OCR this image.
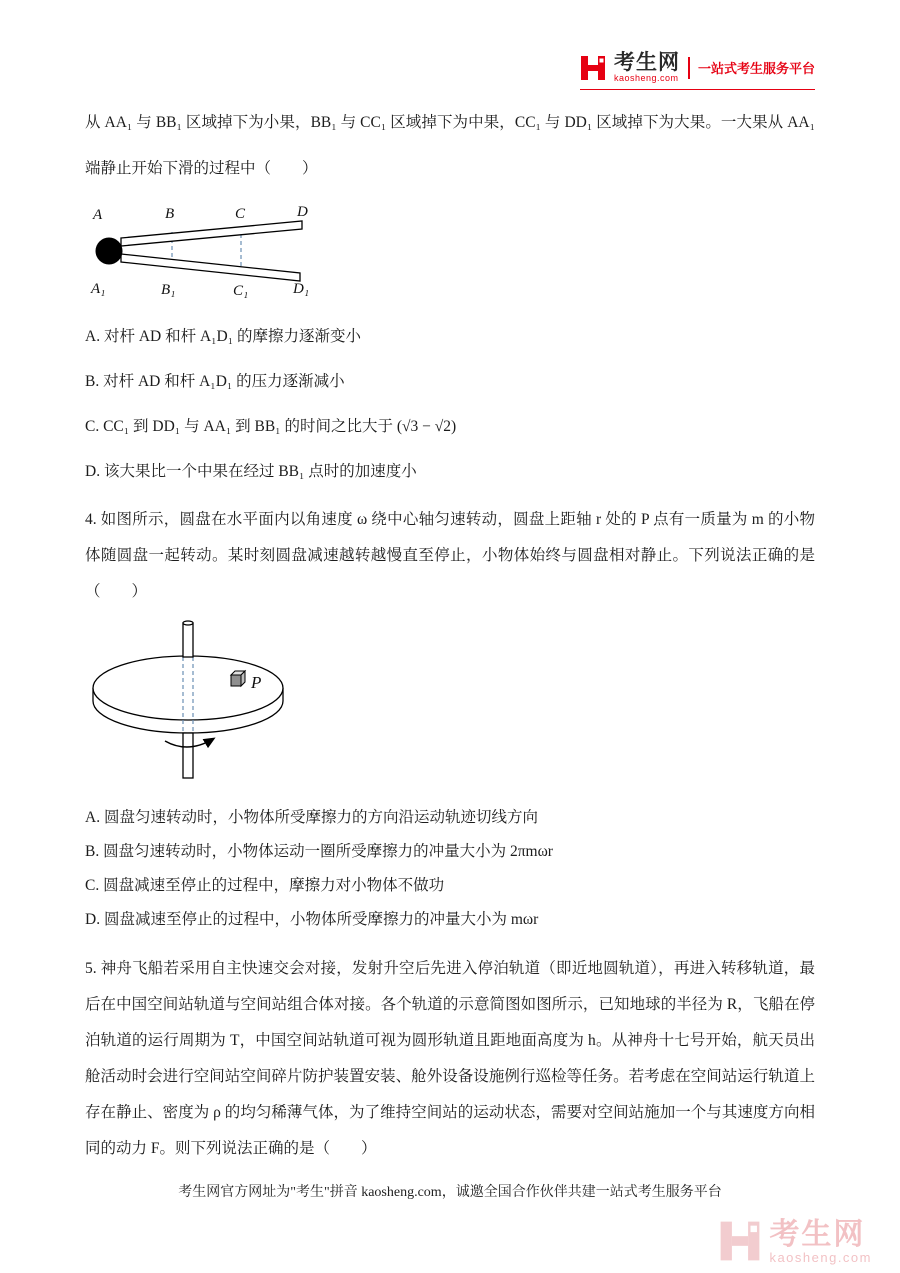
考生网
kaosheng.com
一站式考生服务平台

从 AA₁ 与 BB₁ 区域掉下为小果，BB₁ 与 CC₁ 区域掉下为中果，CC₁ 与 DD₁ 区域掉下为大果。一大果从 AA₁ 端静止开始下滑的过程中（　　）

A	B	C	D
A₁	B₁	C₁	D₁

A. 对杆 AD 和杆 A₁D₁ 的摩擦力逐渐变小

B. 对杆 AD 和杆 A₁D₁ 的压力逐渐减小

C. CC₁ 到 DD₁ 与 AA₁ 到 BB₁ 的时间之比大于 (√3 − √2)

D. 该大果比一个中果在经过 BB₁ 点时的加速度小

4. 如图所示，圆盘在水平面内以角速度 ω 绕中心轴匀速转动，圆盘上距轴 r 处的 P 点有一质量为 m 的小物体随圆盘一起转动。某时刻圆盘减速越转越慢直至停止，小物体始终与圆盘相对静止。下列说法正确的是（　　）

P

A. 圆盘匀速转动时，小物体所受摩擦力的方向沿运动轨迹切线方向

B. 圆盘匀速转动时，小物体运动一圈所受摩擦力的冲量大小为 2πmωr

C. 圆盘减速至停止的过程中，摩擦力对小物体不做功

D. 圆盘减速至停止的过程中，小物体所受摩擦力的冲量大小为 mωr

5. 神舟飞船若采用自主快速交会对接，发射升空后先进入停泊轨道（即近地圆轨道），再进入转移轨道，最后在中国空间站轨道与空间站组合体对接。各个轨道的示意简图如图所示，已知地球的半径为 R，飞船在停泊轨道的运行周期为 T，中国空间站轨道可视为圆形轨道且距地面高度为 h。从神舟十七号开始，航天员出舱活动时会进行空间站空间碎片防护装置安装、舱外设备设施例行巡检等任务。若考虑在空间站运行轨道上存在静止、密度为 ρ 的均匀稀薄气体，为了维持空间站的运动状态，需要对空间站施加一个与其速度方向相同的动力 F。则下列说法正确的是（　　）

考生网官方网址为"考生"拼音 kaosheng.com，诚邀全国合作伙伴共建一站式考生服务平台
考生网
kaosheng.com
